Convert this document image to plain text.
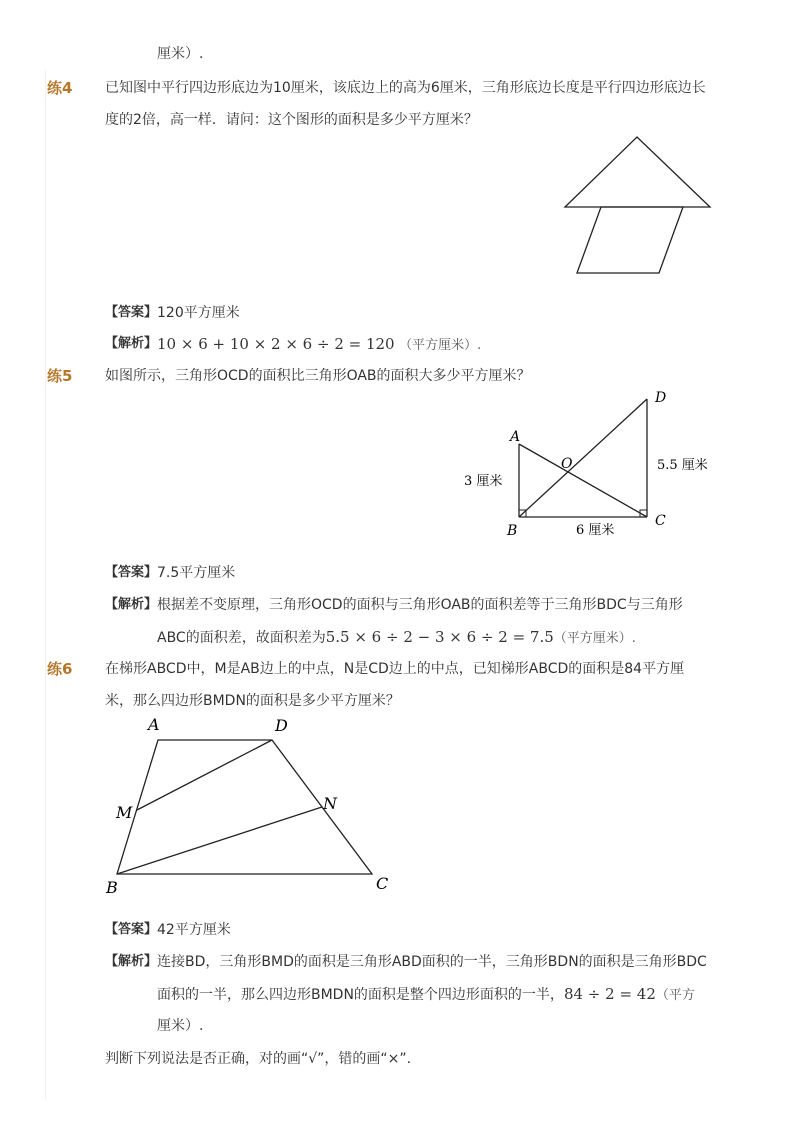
厘米）.
练4 已知图中平行四边形底边为10厘米，该底边上的高为6厘米，三角形底边长度是平行四边形底边长
度的2倍，高一样．请问：这个图形的面积是多少平方厘米？
【答案】 120平方厘米
【解析】 10 × 6 + 10 × 2 × 6 ÷ 2 = 120 （平方厘米）.
练5 如图所示，三角形OCD的面积比三角形OAB的面积大多少平方厘米？
A
B
C
D
O
3 厘米
6 厘米
5.5 厘米
【答案】 7.5平方厘米
【解析】 根据差不变原理，三角形OCD的面积与三角形OAB的面积差等于三角形BDC与三角形
ABC的面积差，故面积差为5.5 × 6 ÷ 2 − 3 × 6 ÷ 2 = 7.5（平方厘米）.
练6 在梯形ABCD中，M是AB边上的中点，N是CD边上的中点，已知梯形ABCD的面积是84平方厘
米，那么四边形BMDN的面积是多少平方厘米？
A	D
M	N
B	C
【答案】 42平方厘米
【解析】 连接BD，三角形BMD的面积是三角形ABD面积的一半，三角形BDN的面积是三角形BDC
面积的一半，那么四边形BMDN的面积是整个四边形面积的一半，84 ÷ 2 = 42（平方
厘米）.
判断下列说法是否正确，对的画“√”，错的画“×”.
